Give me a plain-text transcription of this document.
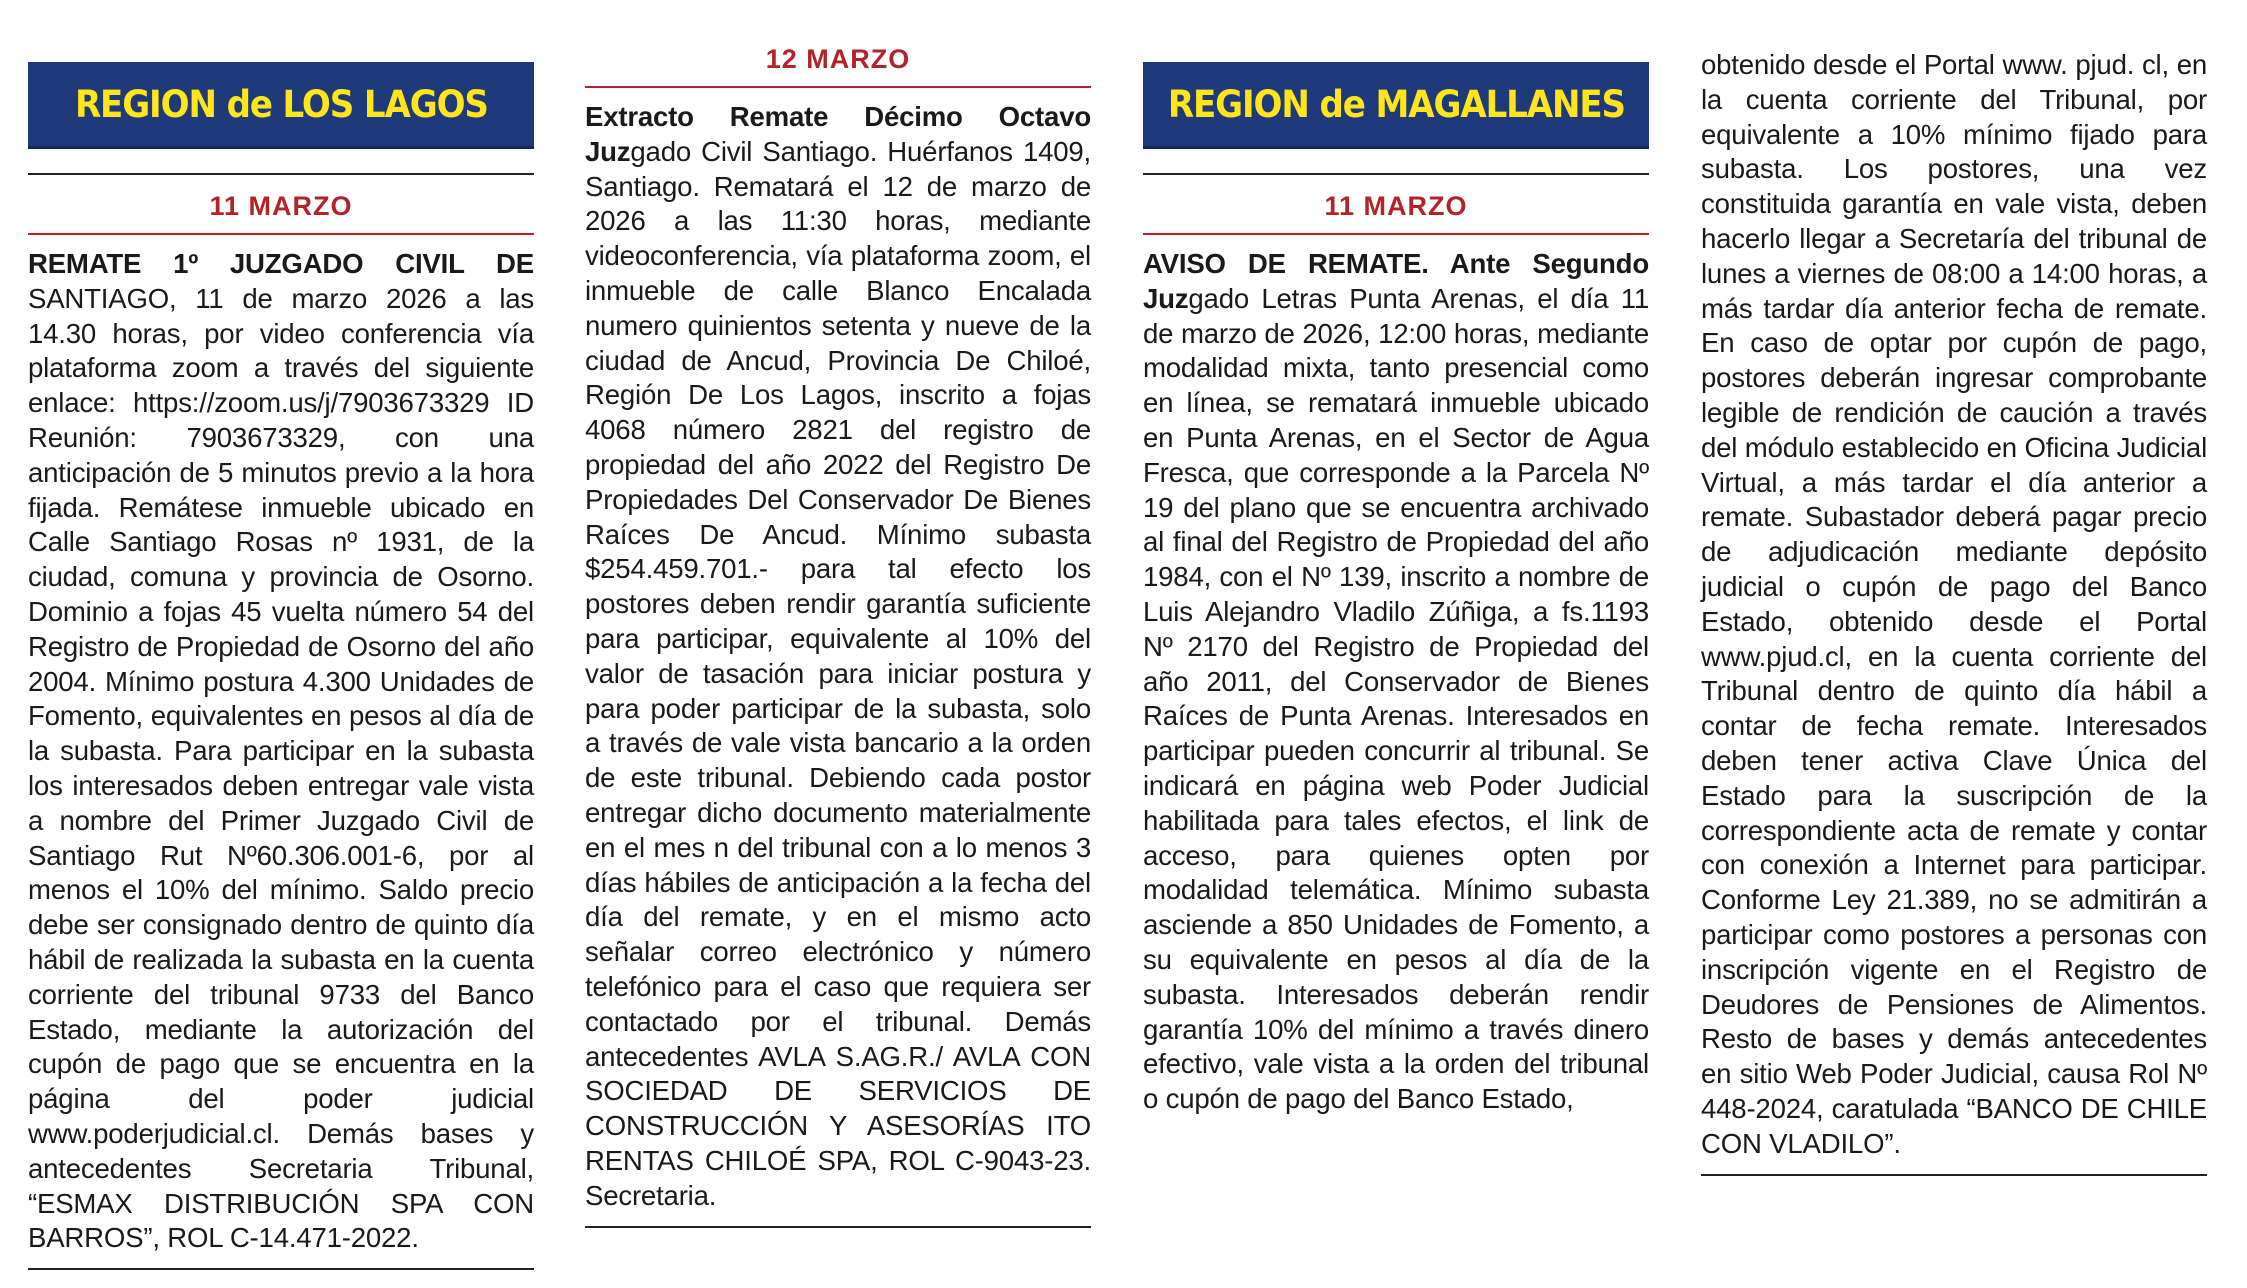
REGION de LOS LAGOS
11 MARZO
REMATE 1º JUZGADO CIVIL DE SANTIAGO, 11 de marzo 2026 a las 14.30 horas, por video conferencia vía plataforma zoom a través del siguiente enlace: https://zoom.us/j/7903673329 ID Reunión: 7903673329, con una anticipación de 5 minutos previo a la hora fijada. Remátese inmueble ubicado en Calle Santiago Rosas nº 1931, de la ciudad, comuna y provincia de Osorno. Dominio a fojas 45 vuelta número 54 del Registro de Propiedad de Osorno del año 2004. Mínimo postura 4.300 Unidades de Fomento, equivalentes en pesos al día de la subasta. Para participar en la subasta los interesados deben entregar vale vista a nombre del Primer Juzgado Civil de Santiago Rut Nº60.306.001-6, por al menos el 10% del mínimo. Saldo precio debe ser consignado dentro de quinto día hábil de realizada la subasta en la cuenta corriente del tribunal 9733 del Banco Estado, mediante la autorización del cupón de pago que se encuentra en la página del poder judicial www.poderjudicial.cl. Demás bases y antecedentes Secretaria Tribunal, “ESMAX DISTRIBUCIÓN SPA CON BARROS”, ROL C-14.471-2022.
12 MARZO
Extracto Remate Décimo Octavo Juzgado Civil Santiago. Huérfanos 1409, Santiago. Rematará el 12 de marzo de 2026 a las 11:30 horas, mediante videoconferencia, vía plataforma zoom, el inmueble de calle Blanco Encalada numero quinientos setenta y nueve de la ciudad de Ancud, Provincia De Chiloé, Región De Los Lagos, inscrito a fojas 4068 número 2821 del registro de propiedad del año 2022 del Registro De Propiedades Del Conservador De Bienes Raíces De Ancud. Mínimo subasta $254.459.701.- para tal efecto los postores deben rendir garantía suficiente para participar, equivalente al 10% del valor de tasación para iniciar postura y para poder participar de la subasta, solo a través de vale vista bancario a la orden de este tribunal. Debiendo cada postor entregar dicho documento materialmente en el mes n del tribunal con a lo menos 3 días hábiles de anticipación a la fecha del día del remate, y en el mismo acto señalar correo electrónico y número telefónico para el caso que requiera ser contactado por el tribunal. Demás antecedentes AVLA S.AG.R./ AVLA CON SOCIEDAD DE SERVICIOS DE CONSTRUCCIÓN Y ASESORÍAS ITO RENTAS CHILOÉ SPA, ROL C-9043-23. Secretaria.
REGION de MAGALLANES
11 MARZO
AVISO DE REMATE. Ante Segundo Juzgado Letras Punta Arenas, el día 11 de marzo de 2026, 12:00 horas, mediante modalidad mixta, tanto presencial como en línea, se rematará inmueble ubicado en Punta Arenas, en el Sector de Agua Fresca, que corresponde a la Parcela Nº 19 del plano que se encuentra archivado al final del Registro de Propiedad del año 1984, con el Nº 139, inscrito a nombre de Luis Alejandro Vladilo Zúñiga, a fs.1193 Nº 2170 del Registro de Propiedad del año 2011, del Conservador de Bienes Raíces de Punta Arenas. Interesados en participar pueden concurrir al tribunal. Se indicará en página web Poder Judicial habilitada para tales efectos, el link de acceso, para quienes opten por modalidad telemática. Mínimo subasta asciende a 850 Unidades de Fomento, a su equivalente en pesos al día de la subasta. Interesados deberán rendir garantía 10% del mínimo a través dinero efectivo, vale vista a la orden del tribunal o cupón de pago del Banco Estado,
obtenido desde el Portal www. pjud. cl, en la cuenta corriente del Tribunal, por equivalente a 10% mínimo fijado para subasta. Los postores, una vez constituida garantía en vale vista, deben hacerlo llegar a Secretaría del tribunal de lunes a viernes de 08:00 a 14:00 horas, a más tardar día anterior fecha de remate. En caso de optar por cupón de pago, postores deberán ingresar comprobante legible de rendición de caución a través del módulo establecido en Oficina Judicial Virtual, a más tardar el día anterior a remate. Subastador deberá pagar precio de adjudicación mediante depósito judicial o cupón de pago del Banco Estado, obtenido desde el Portal www.pjud.cl, en la cuenta corriente del Tribunal dentro de quinto día hábil a contar de fecha remate. Interesados deben tener activa Clave Única del Estado para la suscripción de la correspondiente acta de remate y contar con conexión a Internet para participar. Conforme Ley 21.389, no se admitirán a participar como postores a personas con inscripción vigente en el Registro de Deudores de Pensiones de Alimentos. Resto de bases y demás antecedentes en sitio Web Poder Judicial, causa Rol Nº 448-2024, caratulada “BANCO DE CHILE CON VLADILO”.
